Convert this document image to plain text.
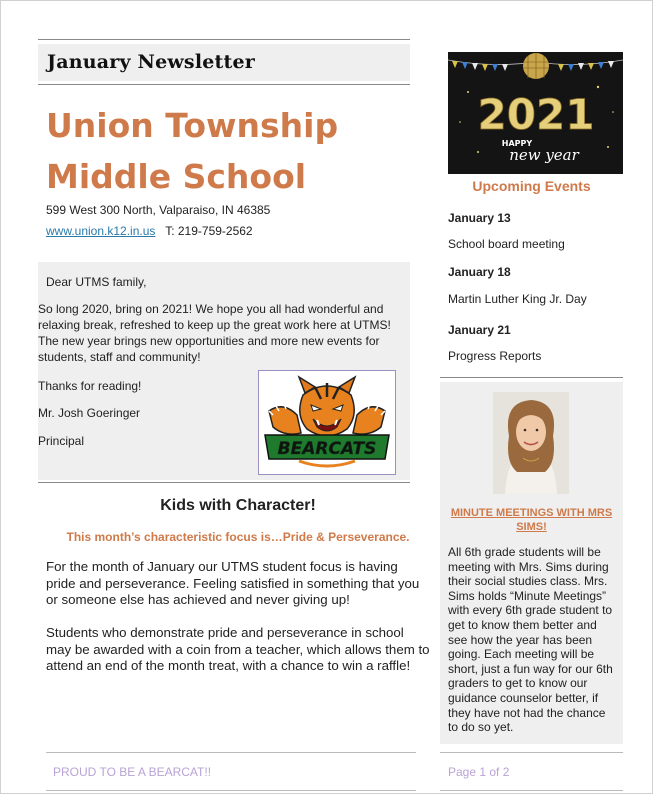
January Newsletter
Union Township
Middle School
599 West 300 North, Valparaiso, IN 46385
www.union.k12.in.us T: 219-759-2562
Dear UTMS family,
So long 2020, bring on 2021! We hope you all had wonderful and relaxing break, refreshed to keep up the great work here at UTMS! The new year brings new opportunities and more new events for students, staff and community!
Thanks for reading!
Mr. Josh Goeringer
Principal	BEARCATS
Kids with Character!
This month’s characteristic focus is…Pride & Perseverance.
For the month of January our UTMS student focus is having pride and perseverance. Feeling satisfied in something that you or someone else has achieved and never giving up!
Students who demonstrate pride and perseverance in school may be awarded with a coin from a teacher, which allows them to attend an end of the month treat, with a chance to win a raffle!
2021
HAPPY
new year
Upcoming Events
January 13
School board meeting
January 18
Martin Luther King Jr. Day
January 21
Progress Reports
MINUTE MEETINGS WITH MRS SIMS!
All 6th grade students will be meeting with Mrs. Sims during their social studies class. Mrs. Sims holds “Minute Meetings” with every 6th grade student to get to know them better and see how the year has been going. Each meeting will be short, just a fun way for our 6th graders to get to know our guidance counselor better, if they have not had the chance to do so yet.
PROUD TO BE A BEARCAT!!	Page 1 of 2
